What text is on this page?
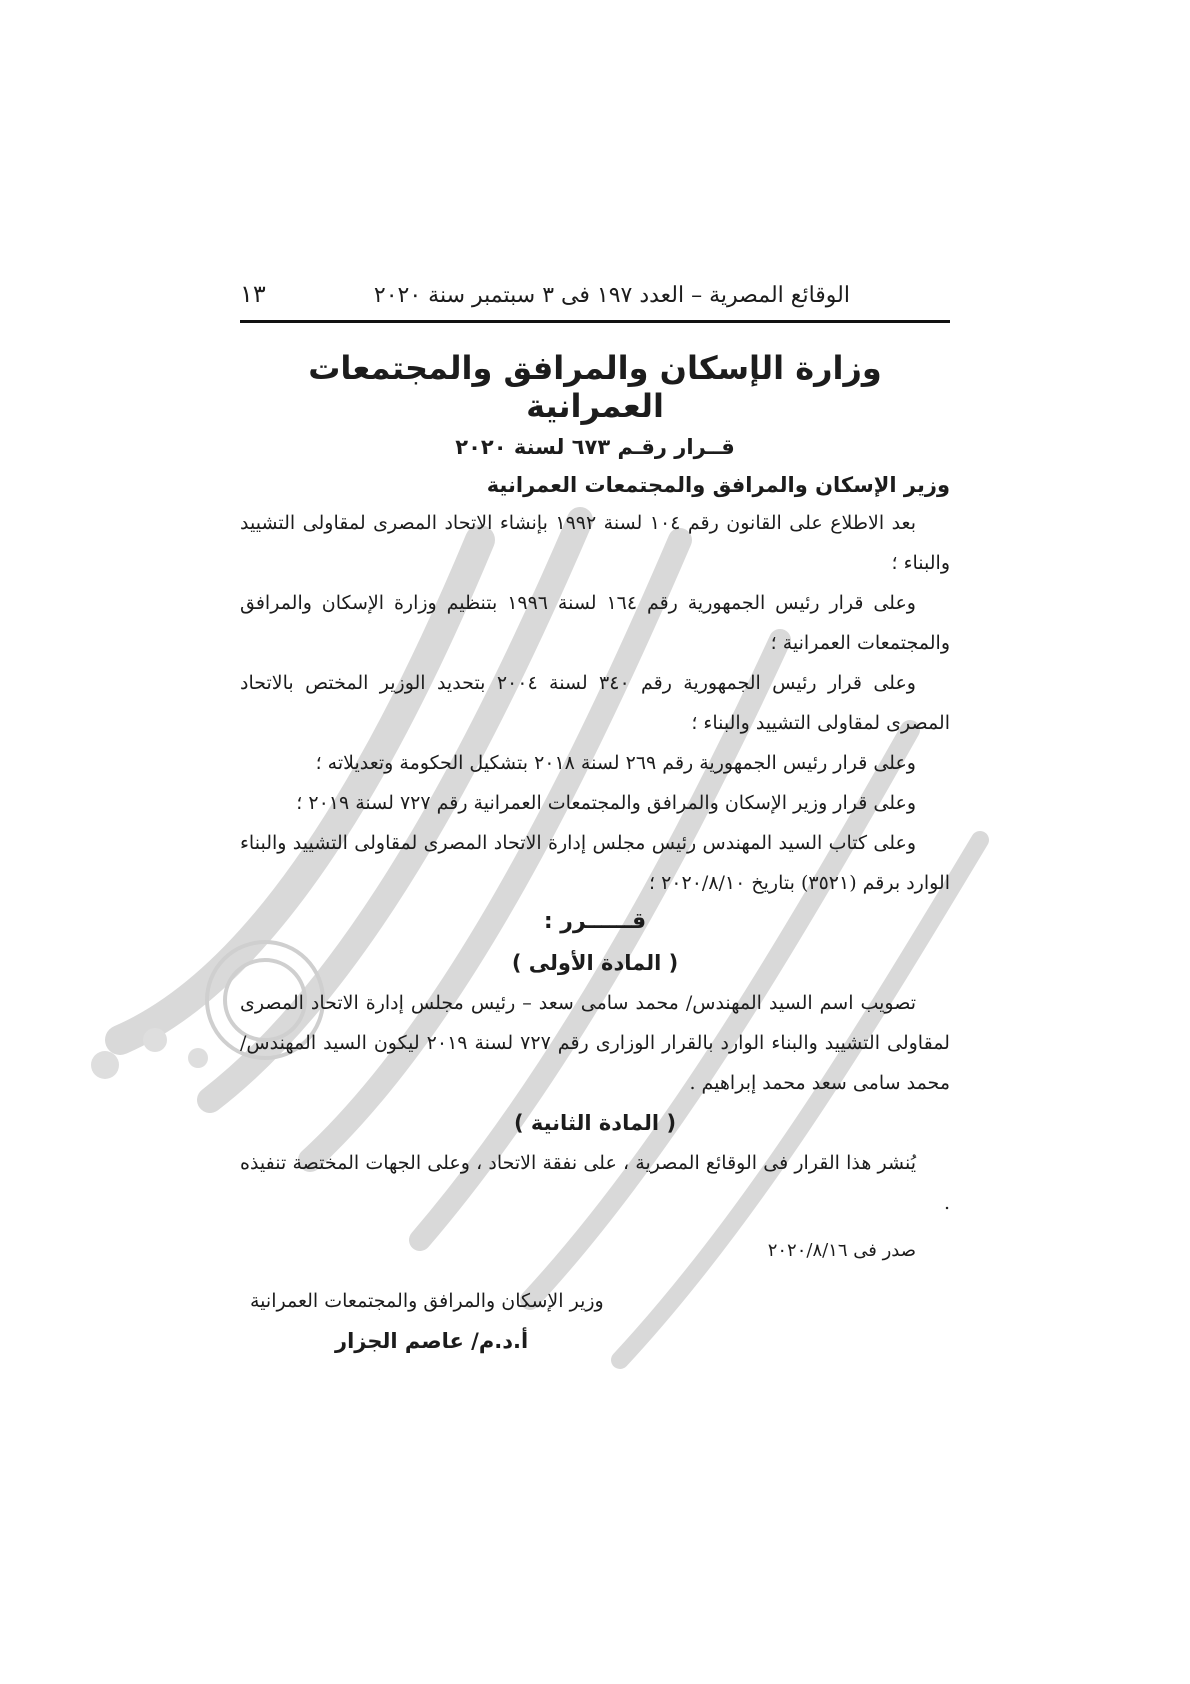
الوقائع المصرية – العدد ١٩٧ فى ٣ سبتمبر سنة ٢٠٢٠
١٣
وزارة الإسكان والمرافق والمجتمعات العمرانية
قــرار رقـم ٦٧٣ لسنة ٢٠٢٠
وزير الإسكان والمرافق والمجتمعات العمرانية

بعد الاطلاع على القانون رقم ١٠٤ لسنة ١٩٩٢ بإنشاء الاتحاد المصرى لمقاولى التشييد والبناء ؛

وعلى قرار رئيس الجمهورية رقم ١٦٤ لسنة ١٩٩٦ بتنظيم وزارة الإسكان والمرافق والمجتمعات العمرانية ؛

وعلى قرار رئيس الجمهورية رقم ٣٤٠ لسنة ٢٠٠٤ بتحديد الوزير المختص بالاتحاد المصرى لمقاولى التشييد والبناء ؛

وعلى قرار رئيس الجمهورية رقم ٢٦٩ لسنة ٢٠١٨ بتشكيل الحكومة وتعديلاته ؛

وعلى قرار وزير الإسكان والمرافق والمجتمعات العمرانية رقم ٧٢٧ لسنة ٢٠١٩ ؛

وعلى كتاب السيد المهندس رئيس مجلس إدارة الاتحاد المصرى لمقاولى التشييد والبناء الوارد برقم (٣٥٢١) بتاريخ ٢٠٢٠/٨/١٠ ؛

قــــــرر :
( المادة الأولى )

تصويب اسم السيد المهندس/ محمد سامى سعد – رئيس مجلس إدارة الاتحاد المصرى لمقاولى التشييد والبناء الوارد بالقرار الوزارى رقم ٧٢٧ لسنة ٢٠١٩ ليكون السيد المهندس/ محمد سامى سعد محمد إبراهيم .

( المادة الثانية )

يُنشر هذا القرار فى الوقائع المصرية ، على نفقة الاتحاد ، وعلى الجهات المختصة تنفيذه .

صدر فى ٢٠٢٠/٨/١٦
وزير الإسكان والمرافق والمجتمعات العمرانية
أ.د.م/ عاصم الجزار
